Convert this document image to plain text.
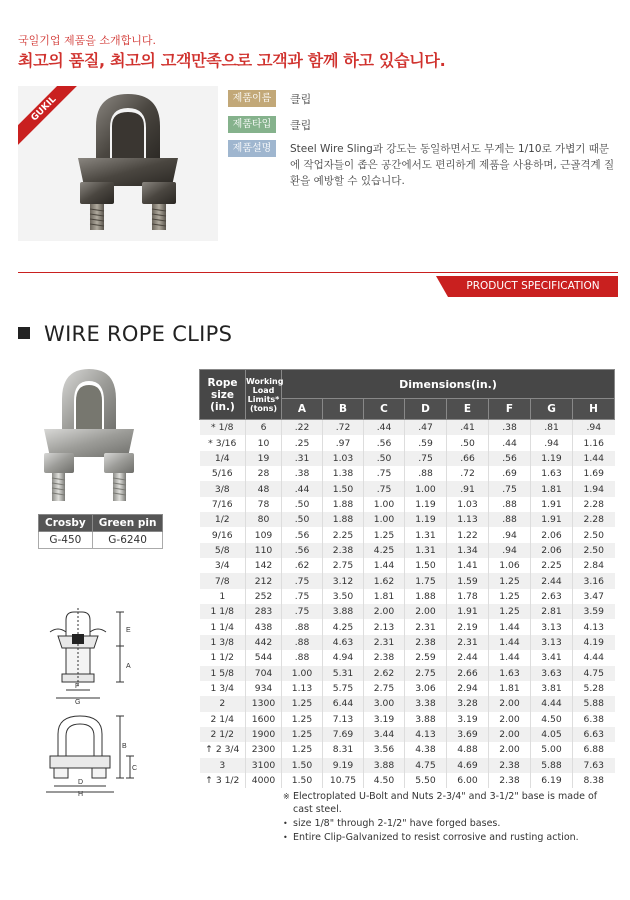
국일기업 제품을 소개합니다.
최고의 품질, 최고의 고객만족으로 고객과 함께 하고 있습니다.
GUKIL	제품이름 클립
제품타입 클립
제품설명 Steel Wire Sling과 강도는 동일하면서도 무게는 1/10로 가볍기 때문에 작업자들이 좁은 공간에서도 편리하게 제품을 사용하며, 근골격계 질환을 예방할 수 있습니다.
PRODUCT SPECIFICATION
WIRE ROPE CLIPS
Crosby	Green pin
G-450	G-6240
E
A
F
G
B
C
D
H
Rope
size
(in.)	Working
Load
Limits*
(tons)	Dimensions(in.)							
		A	B	C	D	E	F	G	H
* 1/8	6	.22	.72	.44	.47	.41	.38	.81	.94
* 3/16	10	.25	.97	.56	.59	.50	.44	.94	1.16
1/4	19	.31	1.03	.50	.75	.66	.56	1.19	1.44
5/16	28	.38	1.38	.75	.88	.72	.69	1.63	1.69
3/8	48	.44	1.50	.75	1.00	.91	.75	1.81	1.94
7/16	78	.50	1.88	1.00	1.19	1.03	.88	1.91	2.28
1/2	80	.50	1.88	1.00	1.19	1.13	.88	1.91	2.28
9/16	109	.56	2.25	1.25	1.31	1.22	.94	2.06	2.50
5/8	110	.56	2.38	4.25	1.31	1.34	.94	2.06	2.50
3/4	142	.62	2.75	1.44	1.50	1.41	1.06	2.25	2.84
7/8	212	.75	3.12	1.62	1.75	1.59	1.25	2.44	3.16
1	252	.75	3.50	1.81	1.88	1.78	1.25	2.63	3.47
1 1/8	283	.75	3.88	2.00	2.00	1.91	1.25	2.81	3.59
1 1/4	438	.88	4.25	2.13	2.31	2.19	1.44	3.13	4.13
1 3/8	442	.88	4.63	2.31	2.38	2.31	1.44	3.13	4.19
1 1/2	544	.88	4.94	2.38	2.59	2.44	1.44	3.41	4.44
1 5/8	704	1.00	5.31	2.62	2.75	2.66	1.63	3.63	4.75
1 3/4	934	1.13	5.75	2.75	3.06	2.94	1.81	3.81	5.28
2	1300	1.25	6.44	3.00	3.38	3.28	2.00	4.44	5.88
2 1/4	1600	1.25	7.13	3.19	3.88	3.19	2.00	4.50	6.38
2 1/2	1900	1.25	7.69	3.44	4.13	3.69	2.00	4.05	6.63
↑ 2 3/4	2300	1.25	8.31	3.56	4.38	4.88	2.00	5.00	6.88
3	3100	1.50	9.19	3.88	4.75	4.69	2.38	5.88	7.63
↑ 3 1/2	4000	1.50	10.75	4.50	5.50	6.00	2.38	6.19	8.38
※ Electroplated U-Bolt and Nuts 2-3/4" and 3-1/2" base is made of cast steel.
• size 1/8" through 2-1/2" have forged bases.
• Entire Clip-Galvanized to resist corrosive and rusting action.
